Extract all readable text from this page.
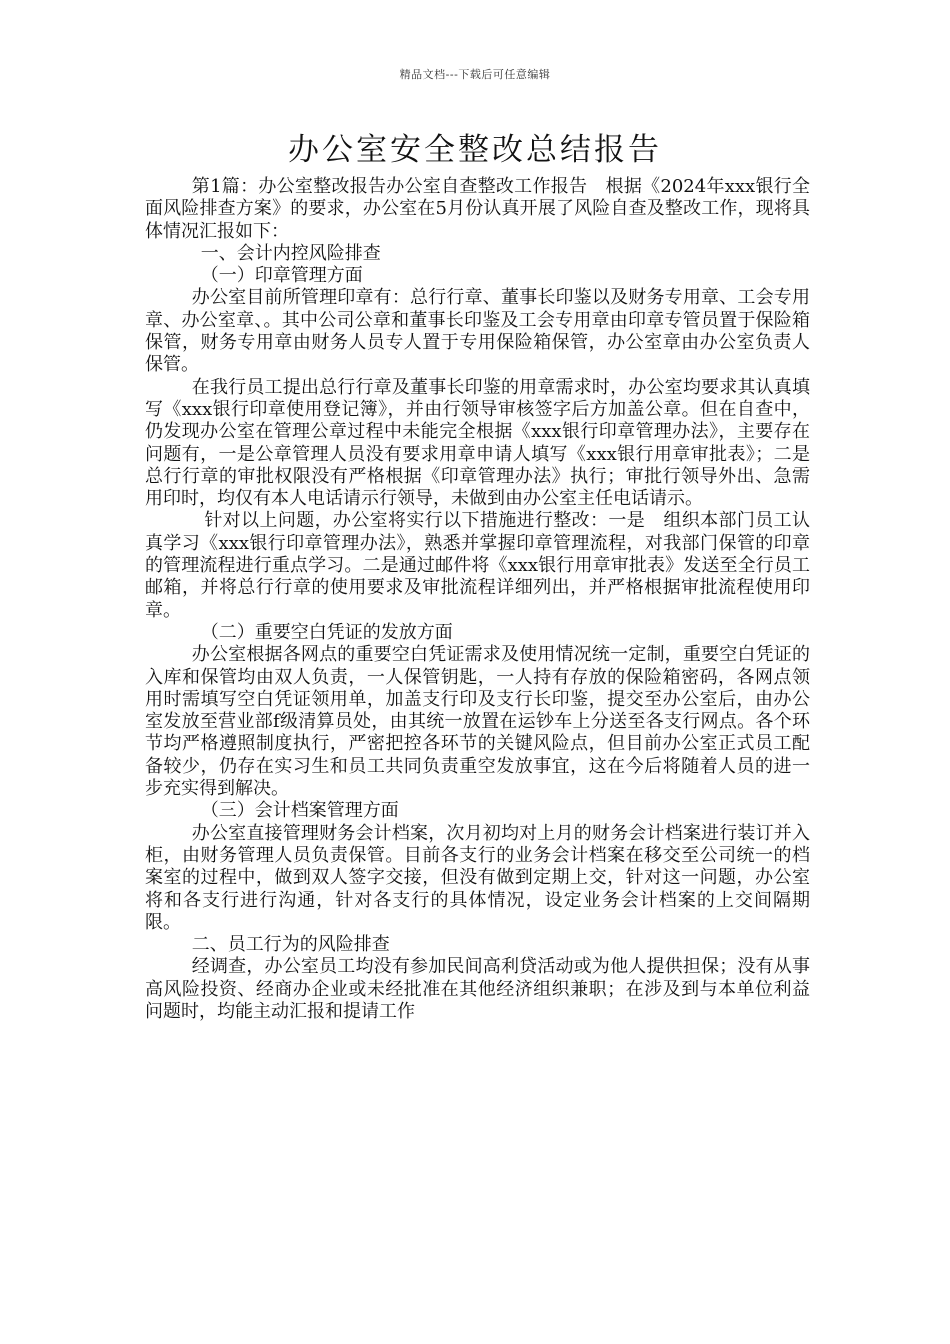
精品文档---下载后可任意编辑
办公室安全整改总结报告

第1篇：办公室整改报告办公室自查整改工作报告　根据《2024年xxx银行全面风险排查方案》的要求，办公室在5月份认真开展了风险自查及整改工作，现将具体情况汇报如下：

一、会计内控风险排查

（一）印章管理方面

办公室目前所管理印章有：总行行章、董事长印鉴以及财务专用章、工会专用章、办公室章、。其中公司公章和董事长印鉴及工会专用章由印章专管员置于保险箱保管，财务专用章由财务人员专人置于专用保险箱保管，办公室章由办公室负责人保管。

在我行员工提出总行行章及董事长印鉴的用章需求时，办公室均要求其认真填写《xxx银行印章使用登记簿》，并由行领导审核签字后方加盖公章。但在自查中，仍发现办公室在管理公章过程中未能完全根据《xxx银行印章管理办法》，主要存在问题有，一是公章管理人员没有要求用章申请人填写《xxx银行用章审批表》；二是总行行章的审批权限没有严格根据《印章管理办法》执行；审批行领导外出、急需用印时，均仅有本人电话请示行领导，未做到由办公室主任电话请示。

针对以上问题，办公室将实行以下措施进行整改：一是　组织本部门员工认真学习《xxx银行印章管理办法》，熟悉并掌握印章管理流程，对我部门保管的印章的管理流程进行重点学习。二是通过邮件将《xxx银行用章审批表》发送至全行员工邮箱，并将总行行章的使用要求及审批流程详细列出，并严格根据审批流程使用印章。

（二）重要空白凭证的发放方面

办公室根据各网点的重要空白凭证需求及使用情况统一定制，重要空白凭证的入库和保管均由双人负责，一人保管钥匙，一人持有存放的保险箱密码，各网点领用时需填写空白凭证领用单，加盖支行印及支行长印鉴，提交至办公室后，由办公室发放至营业部f级清算员处，由其统一放置在运钞车上分送至各支行网点。各个环节均严格遵照制度执行，严密把控各环节的关键风险点，但目前办公室正式员工配备较少，仍存在实习生和员工共同负责重空发放事宜，这在今后将随着人员的进一步充实得到解决。

（三）会计档案管理方面

办公室直接管理财务会计档案，次月初均对上月的财务会计档案进行装订并入柜，由财务管理人员负责保管。目前各支行的业务会计档案在移交至公司统一的档案室的过程中，做到双人签字交接，但没有做到定期上交，针对这一问题，办公室将和各支行进行沟通，针对各支行的具体情况，设定业务会计档案的上交间隔期限。

二、员工行为的风险排查

经调查，办公室员工均没有参加民间高利贷活动或为他人提供担保；没有从事高风险投资、经商办企业或未经批准在其他经济组织兼职；在涉及到与本单位利益问题时，均能主动汇报和提请工作
